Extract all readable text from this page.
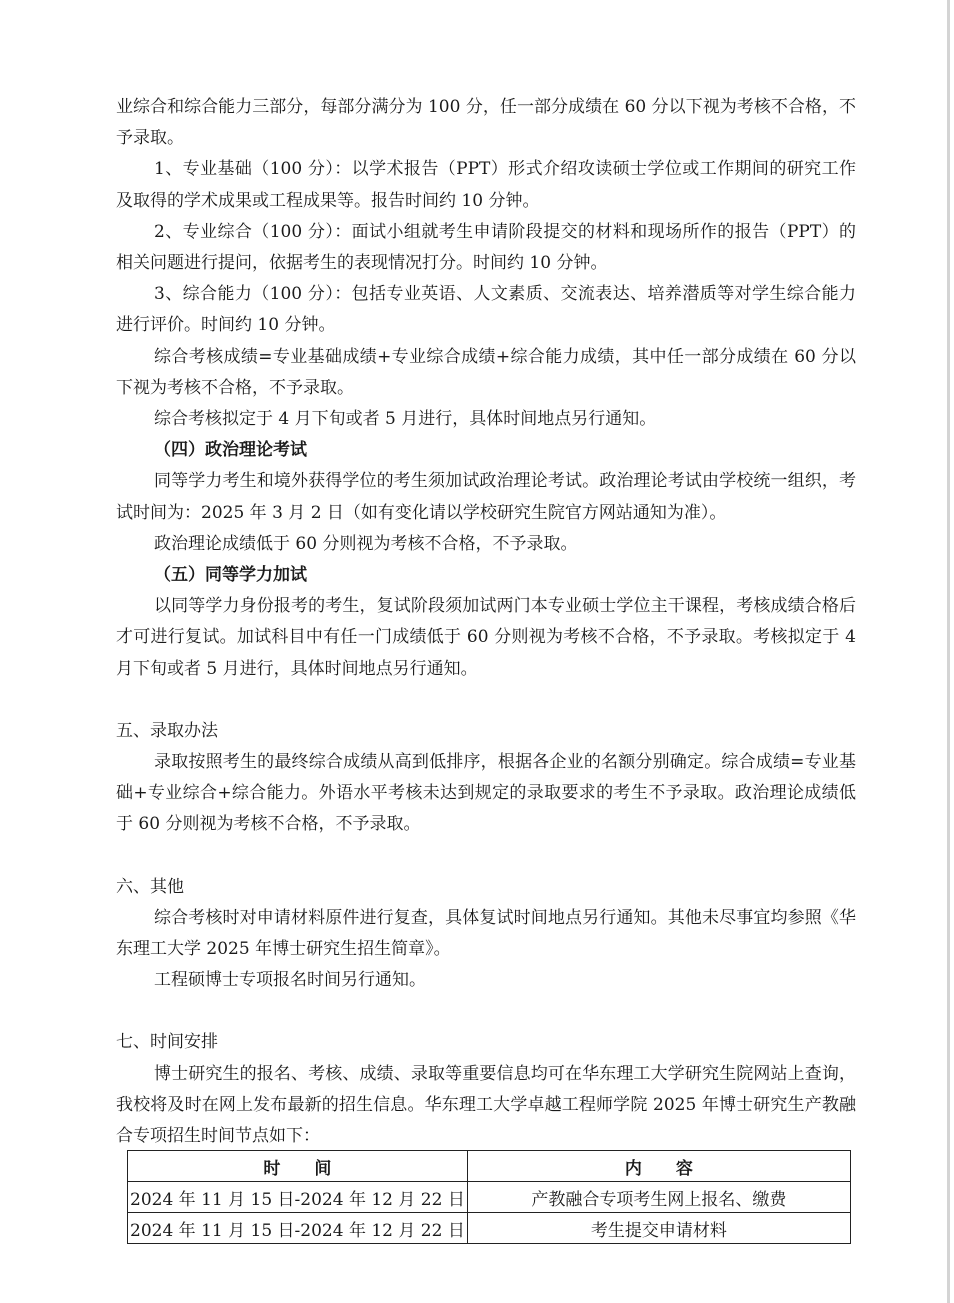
业综合和综合能力三部分，每部分满分为 100 分，任一部分成绩在 60 分以下视为考核不合格，不予录取。

1、专业基础（100 分）：以学术报告（PPT）形式介绍攻读硕士学位或工作期间的研究工作及取得的学术成果或工程成果等。报告时间约 10 分钟。

2、专业综合（100 分）：面试小组就考生申请阶段提交的材料和现场所作的报告（PPT）的相关问题进行提问，依据考生的表现情况打分。时间约 10 分钟。

3、综合能力（100 分）：包括专业英语、人文素质、交流表达、培养潜质等对学生综合能力进行评价。时间约 10 分钟。

综合考核成绩=专业基础成绩+专业综合成绩+综合能力成绩，其中任一部分成绩在 60 分以下视为考核不合格，不予录取。

综合考核拟定于 4 月下旬或者 5 月进行，具体时间地点另行通知。

（四）政治理论考试

同等学力考生和境外获得学位的考生须加试政治理论考试。政治理论考试由学校统一组织，考试时间为：2025 年 3 月 2 日（如有变化请以学校研究生院官方网站通知为准）。

政治理论成绩低于 60 分则视为考核不合格，不予录取。

（五）同等学力加试

以同等学力身份报考的考生，复试阶段须加试两门本专业硕士学位主干课程，考核成绩合格后才可进行复试。加试科目中有任一门成绩低于 60 分则视为考核不合格，不予录取。考核拟定于 4 月下旬或者 5 月进行，具体时间地点另行通知。

五、录取办法

录取按照考生的最终综合成绩从高到低排序，根据各企业的名额分别确定。综合成绩=专业基础+专业综合+综合能力。外语水平考核未达到规定的录取要求的考生不予录取。政治理论成绩低于 60 分则视为考核不合格，不予录取。

六、其他

综合考核时对申请材料原件进行复查，具体复试时间地点另行通知。其他未尽事宜均参照《华东理工大学 2025 年博士研究生招生简章》。

工程硕博士专项报名时间另行通知。

七、时间安排

博士研究生的报名、考核、成绩、录取等重要信息均可在华东理工大学研究生院网站上查询，我校将及时在网上发布最新的招生信息。华东理工大学卓越工程师学院 2025 年博士研究生产教融合专项招生时间节点如下：

时　　间	内　　容
2024 年 11 月 15 日-2024 年 12 月 22 日	产教融合专项考生网上报名、缴费
2024 年 11 月 15 日-2024 年 12 月 22 日	考生提交申请材料
